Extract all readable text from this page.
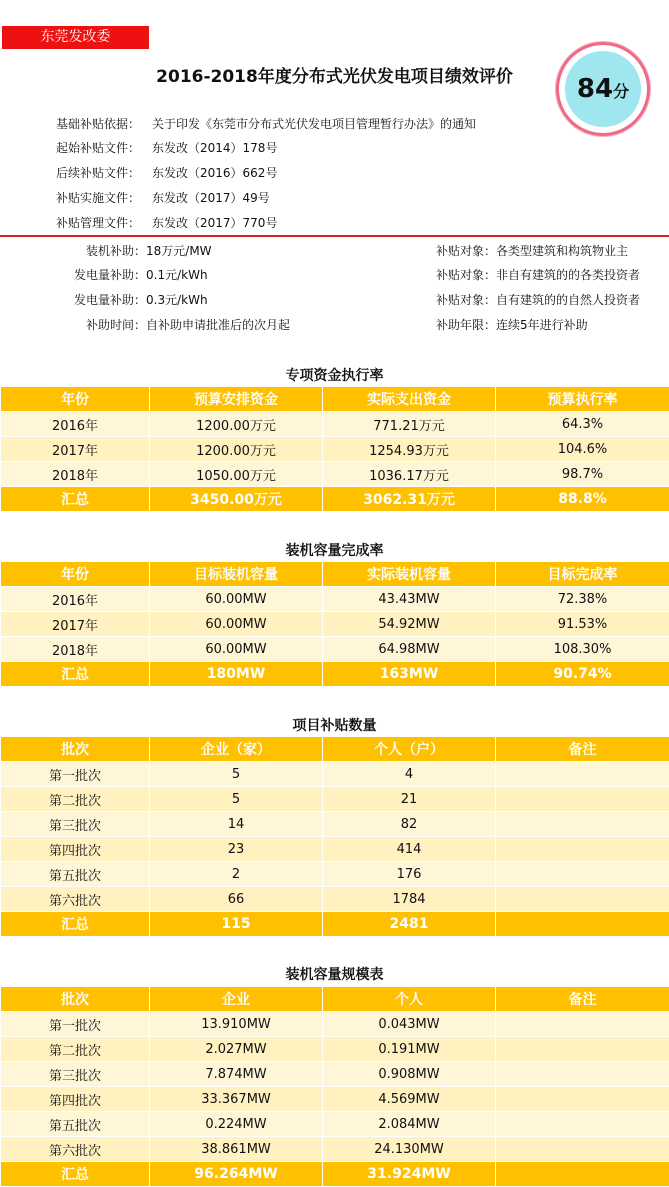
东莞发改委
2016-2018年度分布式光伏发电项目绩效评价	84分
基础补贴依据： 关于印发《东莞市分布式光伏发电项目管理暂行办法》的通知
起始补贴文件： 东发改（2014）178号
后续补贴文件： 东发改（2016）662号
补贴实施文件： 东发改（2017）49号
补贴管理文件： 东发改（2017）770号
装机补助：18万元/MW
发电量补助：0.1元/kWh
发电量补助：0.3元/kWh
补助时间：自补助申请批准后的次月起
补贴对象：各类型建筑和构筑物业主
补贴对象：非自有建筑的的各类投资者
补贴对象：自有建筑的的自然人投资者
补助年限：连续5年进行补助
专项资金执行率
年份	预算安排资金	实际支出资金	预算执行率
2016年	1200.00万元	771.21万元	64.3%
2017年	1200.00万元	1254.93万元	104.6%
2018年	1050.00万元	1036.17万元	98.7%
汇总	3450.00万元	3062.31万元	88.8%
装机容量完成率
年份	目标装机容量	实际装机容量	目标完成率
2016年	60.00MW	43.43MW	72.38%
2017年	60.00MW	54.92MW	91.53%
2018年	60.00MW	64.98MW	108.30%
汇总	180MW	163MW	90.74%
项目补贴数量
批次	企业（家）	个人（户）	备注
第一批次	5	4	
第二批次	5	21	
第三批次	14	82	
第四批次	23	414	
第五批次	2	176	
第六批次	66	1784	
汇总	115	2481	
装机容量规模表
批次	企业	个人	备注
第一批次	13.910MW	0.043MW	
第二批次	2.027MW	0.191MW	
第三批次	7.874MW	0.908MW	
第四批次	33.367MW	4.569MW	
第五批次	0.224MW	2.084MW	
第六批次	38.861MW	24.130MW	
汇总	96.264MW	31.924MW	
